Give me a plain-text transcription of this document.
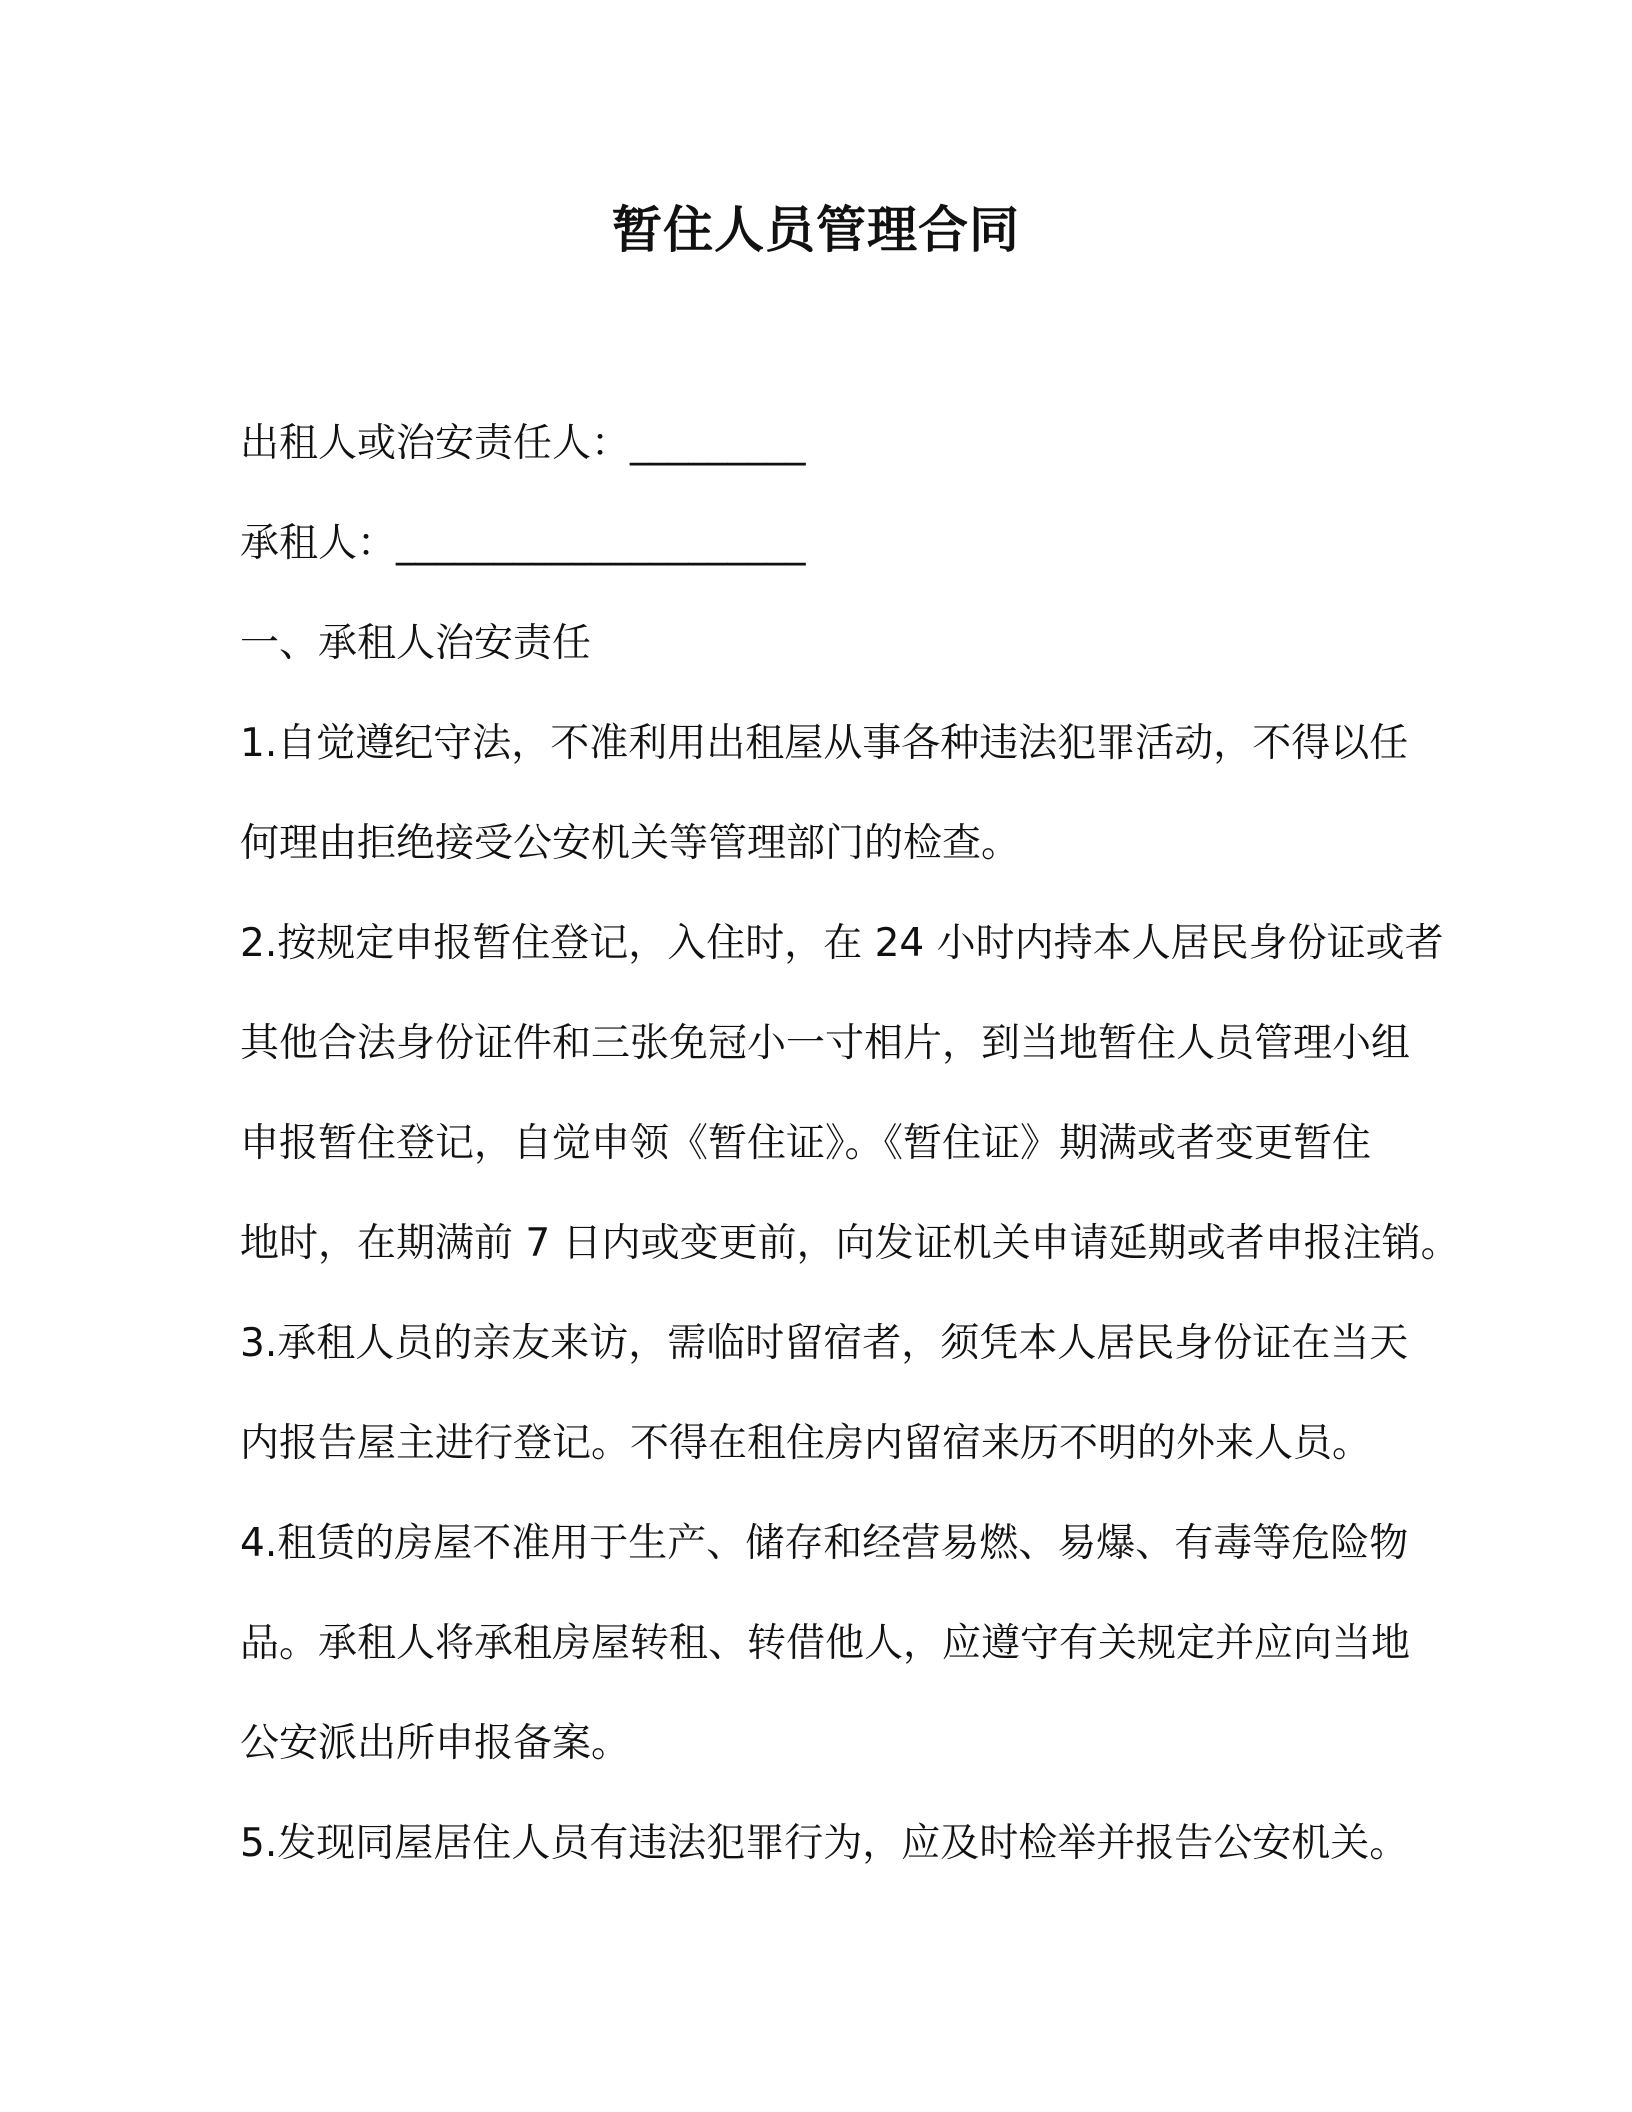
暂住人员管理合同

出租人或治安责任人：_________

承租人：_____________________

一、承租人治安责任

1.自觉遵纪守法，不准利用出租屋从事各种违法犯罪活动，不得以任

何理由拒绝接受公安机关等管理部门的检查。

2.按规定申报暂住登记，入住时，在 24 小时内持本人居民身份证或者

其他合法身份证件和三张免冠小一寸相片，到当地暂住人员管理小组

申报暂住登记，自觉申领《暂住证》。《暂住证》期满或者变更暂住

地时，在期满前 7 日内或变更前，向发证机关申请延期或者申报注销。

3.承租人员的亲友来访，需临时留宿者，须凭本人居民身份证在当天

内报告屋主进行登记。不得在租住房内留宿来历不明的外来人员。

4.租赁的房屋不准用于生产、储存和经营易燃、易爆、有毒等危险物

品。承租人将承租房屋转租、转借他人，应遵守有关规定并应向当地

公安派出所申报备案。

5.发现同屋居住人员有违法犯罪行为，应及时检举并报告公安机关。
